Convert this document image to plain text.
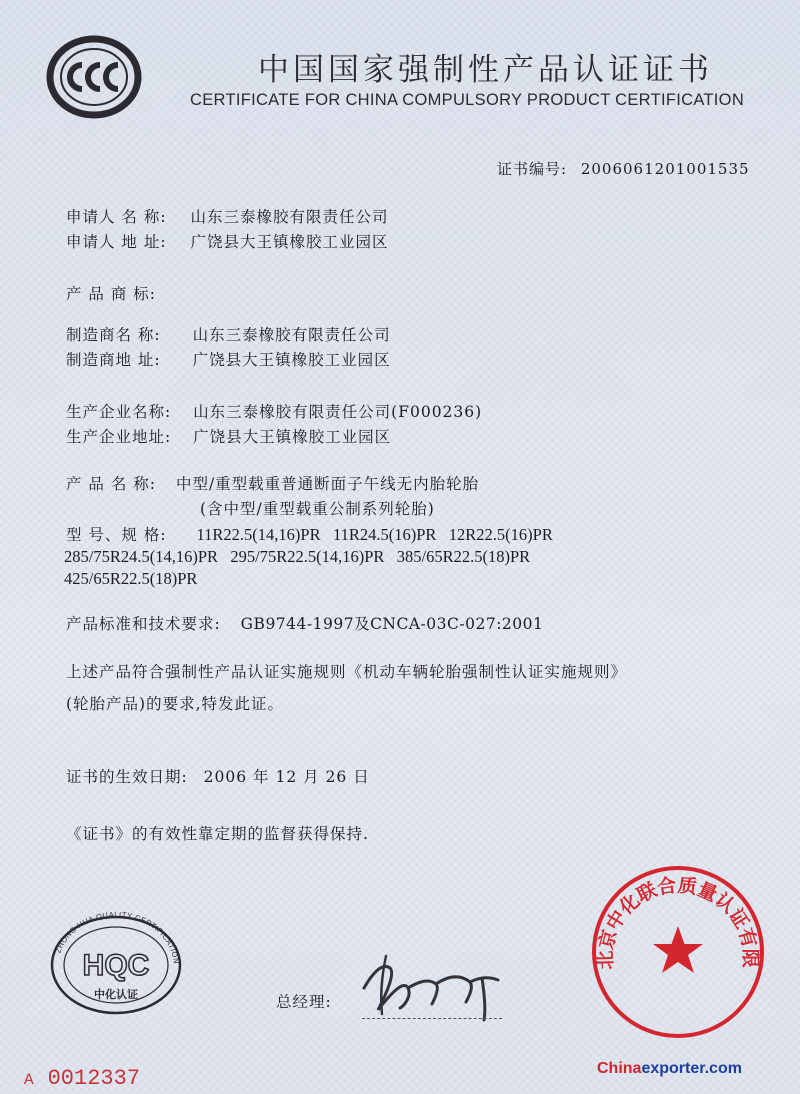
中国国家强制性产品认证证书
CERTIFICATE FOR CHINA COMPULSORY PRODUCT CERTIFICATION
证书编号: 2006061201001535
申请人 名 称: 山东三泰橡胶有限责任公司
申请人 地 址: 广饶县大王镇橡胶工业园区
产 品 商 标:
制造商名 称: 山东三泰橡胶有限责任公司
制造商地 址: 广饶县大王镇橡胶工业园区
生产企业名称: 山东三泰橡胶有限责任公司(F000236)
生产企业地址: 广饶县大王镇橡胶工业园区
产 品 名 称: 中型/重型载重普通断面子午线无内胎轮胎
(含中型/重型载重公制系列轮胎)
型 号、规 格: 11R22.5(14,16)PR   11R24.5(16)PR   12R22.5(16)PR
285/75R24.5(14,16)PR   295/75R22.5(14,16)PR   385/65R22.5(18)PR
425/65R22.5(18)PR
产品标准和技术要求: GB9744-1997及CNCA-03C-027:2001
上述产品符合强制性产品认证实施规则《机动车辆轮胎强制性认证实施规则》
(轮胎产品)的要求,特发此证。
证书的生效日期: 2006 年 12 月 26 日
《证书》的有效性靠定期的监督获得保持.
ZHONG HUA QUALITY CERTIFICATION
HQC
中化认证	总经理:
北京中化联合质量认证有限
A 0012337	Chinaexporter.com
